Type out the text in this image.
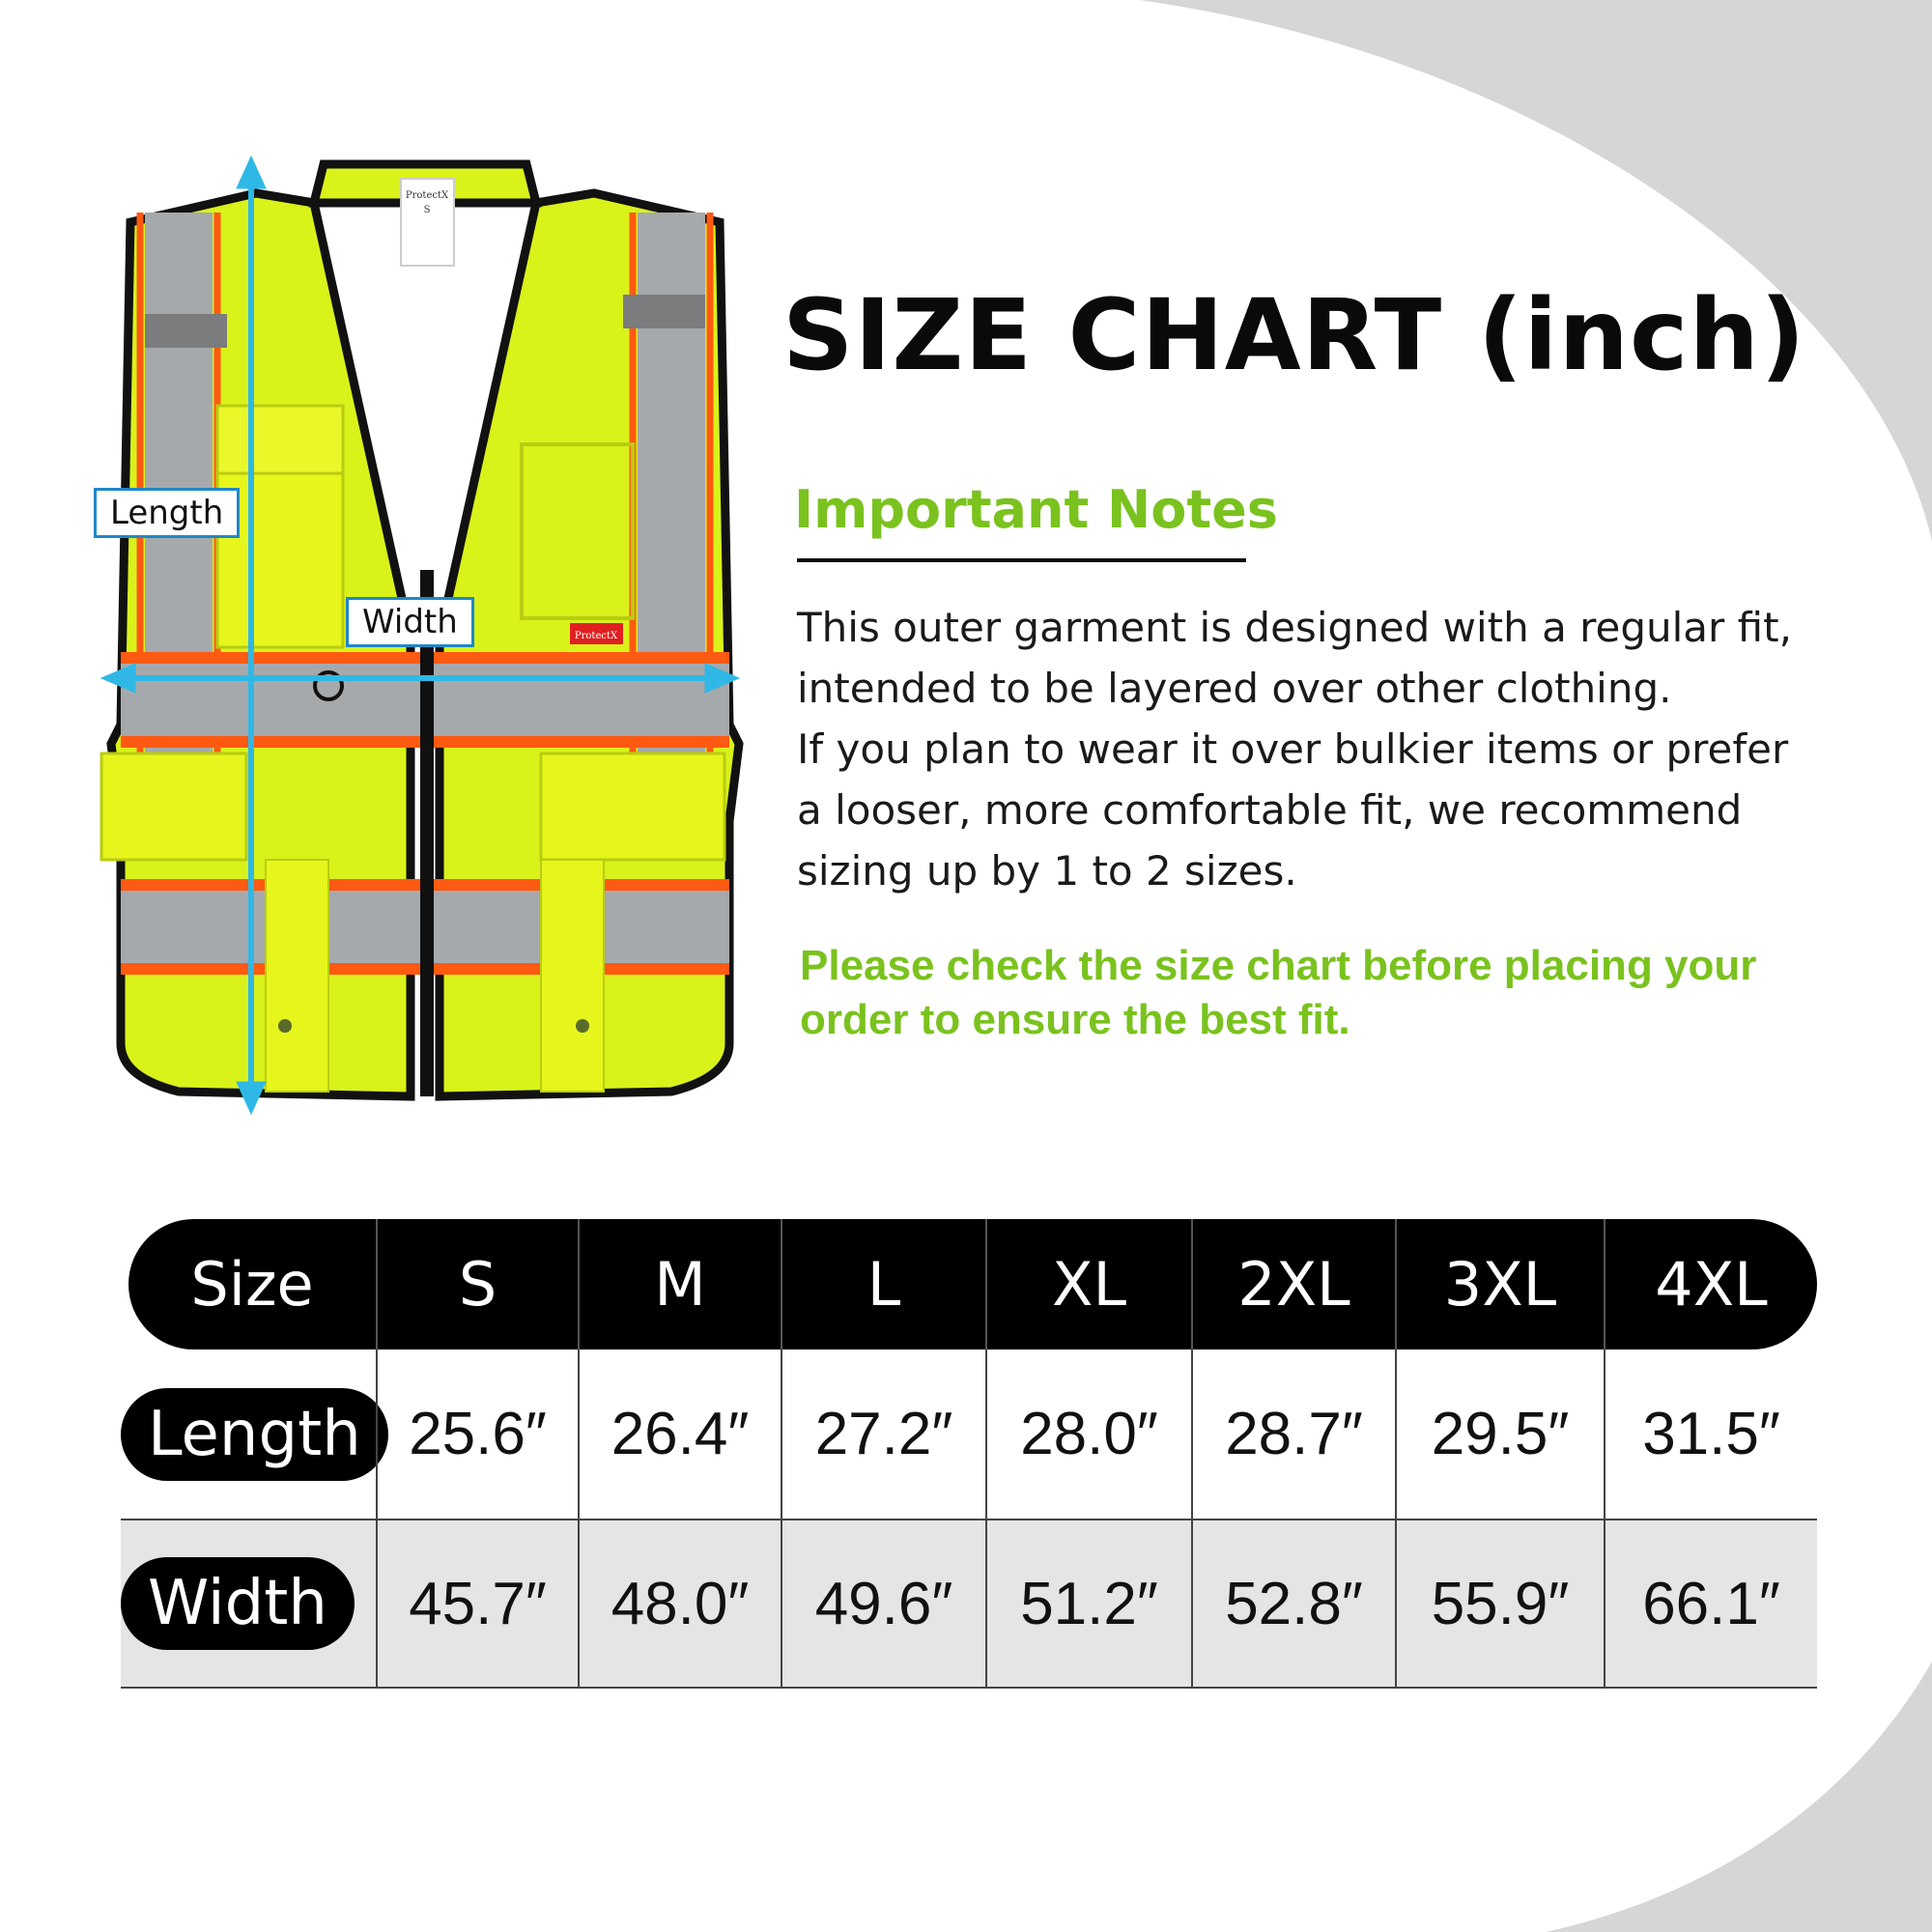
ProtectX
S
ProtectX
Length
Width
SIZE CHART (inch)
Important Notes
This outer garment is designed with a regular fit,
intended to be layered over other clothing.
If you plan to wear it over bulkier items or prefer
a looser, more comfortable fit, we recommend
sizing up by 1 to 2 sizes.
Please check the size chart before placing your
order to ensure the best fit.
Size	S	M	L	XL	2XL	3XL	4XL
Length 25.6″	26.4″	27.2″	28.0″	28.7″	29.5″	31.5″
Width	45.7″	48.0″	49.6″	51.2″	52.8″	55.9″	66.1″
